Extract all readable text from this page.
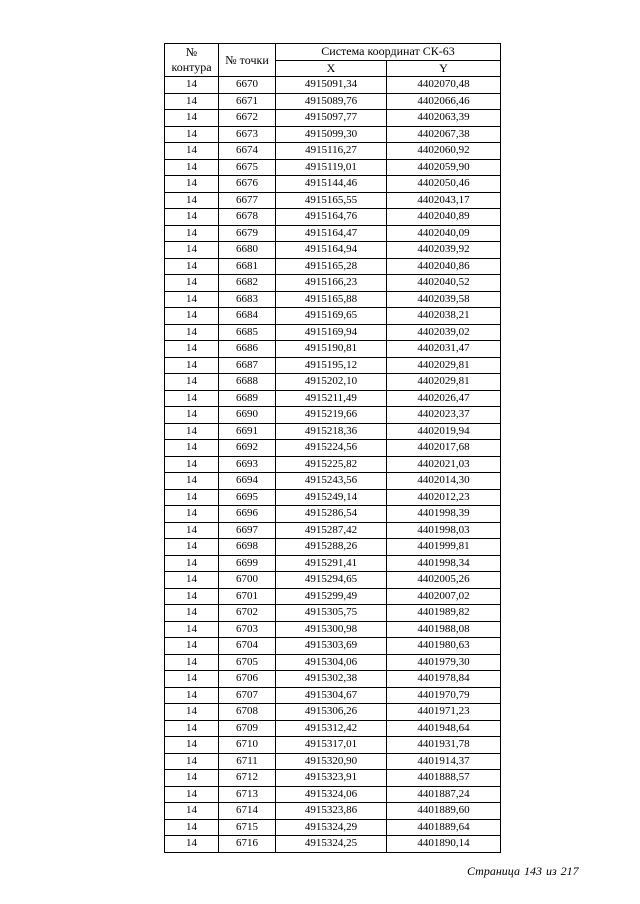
№
контура	№ точки	Система координат СК-63	
		X	Y
14	6670	4915091,34	4402070,48
14	6671	4915089,76	4402066,46
14	6672	4915097,77	4402063,39
14	6673	4915099,30	4402067,38
14	6674	4915116,27	4402060,92
14	6675	4915119,01	4402059,90
14	6676	4915144,46	4402050,46
14	6677	4915165,55	4402043,17
14	6678	4915164,76	4402040,89
14	6679	4915164,47	4402040,09
14	6680	4915164,94	4402039,92
14	6681	4915165,28	4402040,86
14	6682	4915166,23	4402040,52
14	6683	4915165,88	4402039,58
14	6684	4915169,65	4402038,21
14	6685	4915169,94	4402039,02
14	6686	4915190,81	4402031,47
14	6687	4915195,12	4402029,81
14	6688	4915202,10	4402029,81
14	6689	4915211,49	4402026,47
14	6690	4915219,66	4402023,37
14	6691	4915218,36	4402019,94
14	6692	4915224,56	4402017,68
14	6693	4915225,82	4402021,03
14	6694	4915243,56	4402014,30
14	6695	4915249,14	4402012,23
14	6696	4915286,54	4401998,39
14	6697	4915287,42	4401998,03
14	6698	4915288,26	4401999,81
14	6699	4915291,41	4401998,34
14	6700	4915294,65	4402005,26
14	6701	4915299,49	4402007,02
14	6702	4915305,75	4401989,82
14	6703	4915300,98	4401988,08
14	6704	4915303,69	4401980,63
14	6705	4915304,06	4401979,30
14	6706	4915302,38	4401978,84
14	6707	4915304,67	4401970,79
14	6708	4915306,26	4401971,23
14	6709	4915312,42	4401948,64
14	6710	4915317,01	4401931,78
14	6711	4915320,90	4401914,37
14	6712	4915323,91	4401888,57
14	6713	4915324,06	4401887,24
14	6714	4915323,86	4401889,60
14	6715	4915324,29	4401889,64
14	6716	4915324,25	4401890,14
Страница 143 из 217
